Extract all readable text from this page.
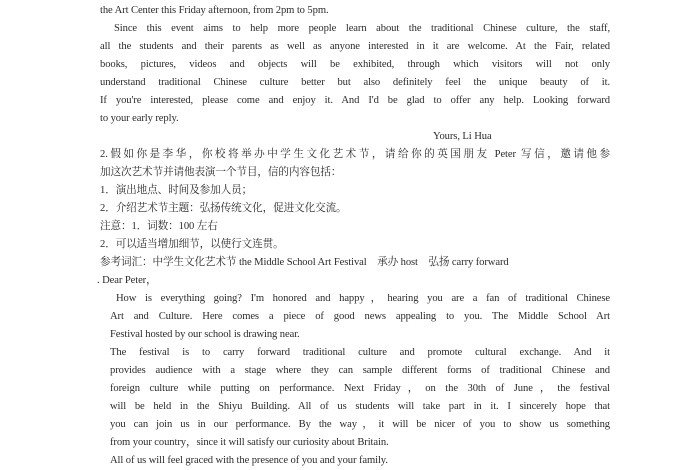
the Art Center this Friday afternoon, from 2pm to 5pm.
Since this event aims to help more people learn about the traditional Chinese culture, the staff,
all the students and their parents as well as anyone interested in it are welcome. At the Fair, related
books, pictures, videos and objects will be exhibited, through which visitors will not only
understand traditional Chinese culture better but also definitely feel the unique beauty of it.
If you're interested, please come and enjoy it. And I'd be glad to offer any help. Looking forward
to your early reply.
Yours, Li Hua
2.假如你是李华，你校将举办中学生文化艺术节，请给你的英国朋友 Peter 写信，邀请他参
加这次艺术节并请他表演一个节目，信的内容包括：
1．演出地点、时间及参加人员；
2．介绍艺术节主题：弘扬传统文化，促进文化交流。
注意：1．词数：100 左右
2．可以适当增加细节，以使行文连贯。
参考词汇：中学生文化艺术节 the Middle School Art Festival　承办 host　弘扬 carry forward
. Dear Peter，
How is everything going? I'm honored and happy，hearing you are a fan of traditional Chinese
Art and Culture. Here comes a piece of good news appealing to you. The Middle School Art
Festival hosted by our school is drawing near.
The festival is to carry forward traditional culture and promote cultural exchange. And it
provides audience with a stage where they can sample different forms of traditional Chinese and
foreign culture while putting on performance. Next Friday，on the 30th of June，the festival
will be held in the Shiyu Building. All of us students will take part in it. I sincerely hope that
you can join us in our performance. By the way，it will be nicer of you to show us something
from your country，since it will satisfy our curiosity about Britain.
All of us will feel graced with the presence of you and your family.
